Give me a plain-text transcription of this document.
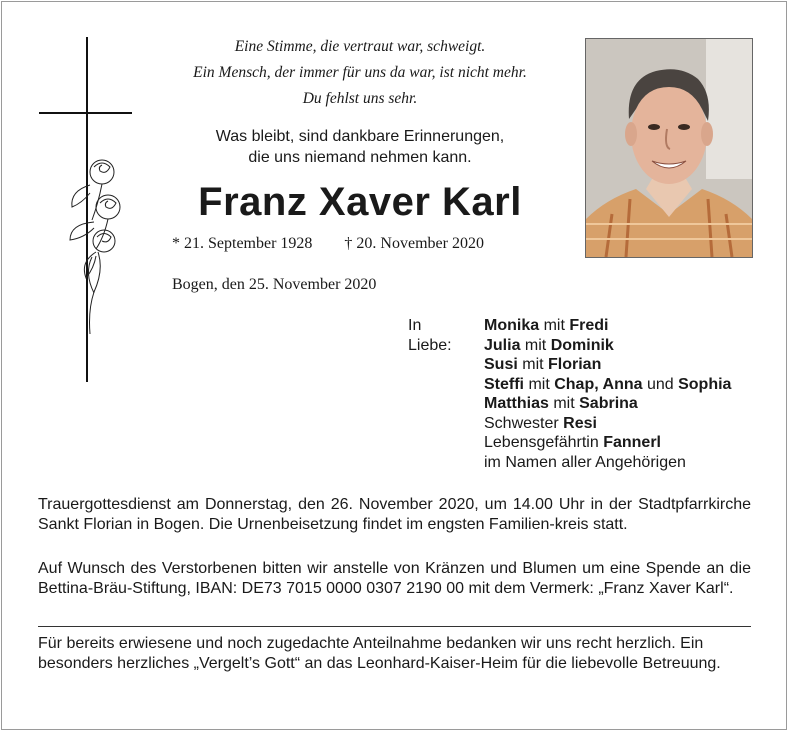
Eine Stimme, die vertraut war, schweigt.
Ein Mensch, der immer für uns da war, ist nicht mehr.
Du fehlst uns sehr.
Was bleibt, sind dankbare Erinnerungen,
die uns niemand nehmen kann.
Franz Xaver Karl
* 21. September 1928 † 20. November 2020
Bogen, den 25. November 2020
In Liebe:
Monika mit Fredi
Julia mit Dominik
Susi mit Florian
Steffi mit Chap, Anna und Sophia
Matthias mit Sabrina
Schwester Resi
Lebensgefährtin Fannerl
im Namen aller Angehörigen
Trauergottesdienst am Donnerstag, den 26. November 2020, um 14.00 Uhr in der Stadtpfarrkirche Sankt Florian in Bogen. Die Urnenbeisetzung findet im engsten Familien-kreis statt.
Auf Wunsch des Verstorbenen bitten wir anstelle von Kränzen und Blumen um eine Spende an die Bettina-Bräu-Stiftung, IBAN: DE73 7015 0000 0307 2190 00 mit dem Vermerk: „Franz Xaver Karl“.
Für bereits erwiesene und noch zugedachte Anteilnahme bedanken wir uns recht herzlich. Ein besonders herzliches „Vergelt’s Gott“ an das Leonhard-Kaiser-Heim für die liebevolle Betreuung.
